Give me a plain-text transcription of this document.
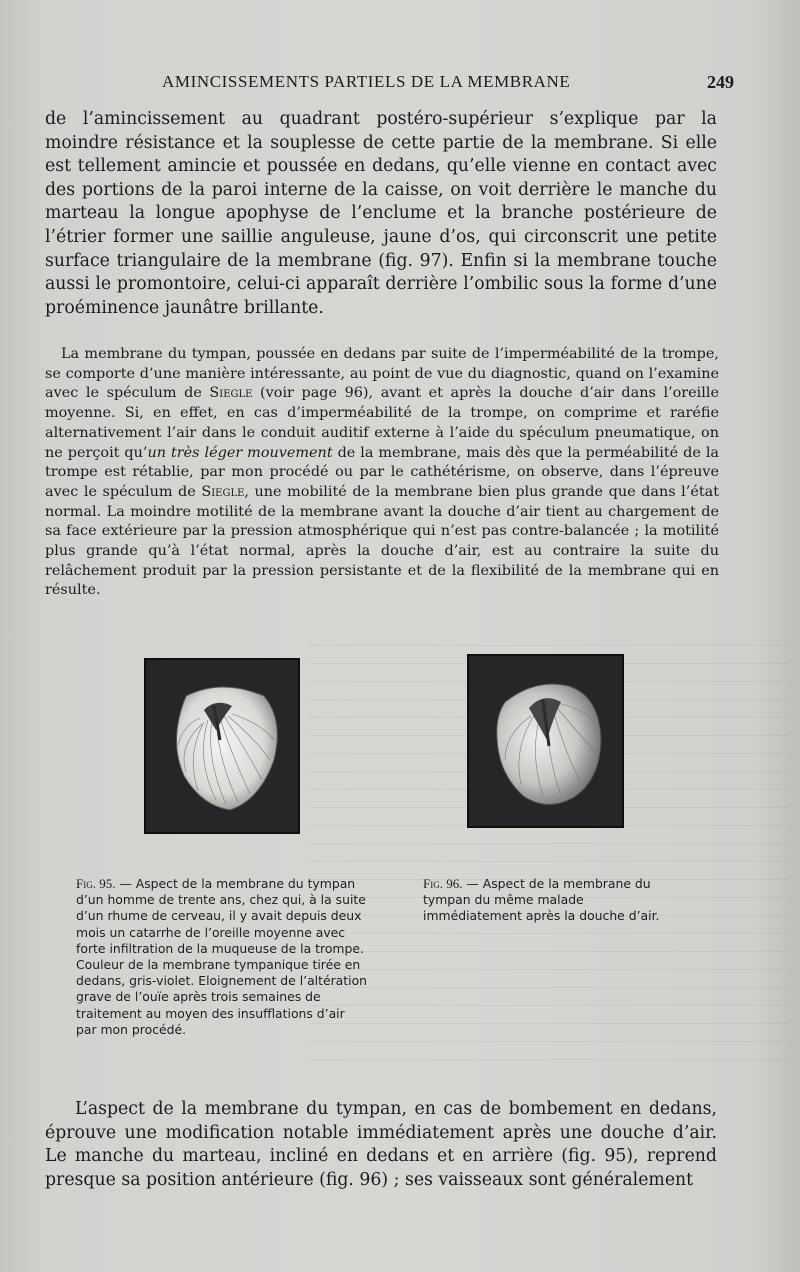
AMINCISSEMENTS PARTIELS DE LA MEMBRANE	249

de l’amincissement au quadrant postéro-supérieur s’explique par la moindre résistance et la souplesse de cette partie de la membrane. Si elle est tellement amincie et poussée en dedans, qu’elle vienne en contact avec des portions de la paroi interne de la caisse, on voit derrière le manche du marteau la longue apophyse de l’enclume et la branche postérieure de l’étrier former une saillie anguleuse, jaune d’os, qui circonscrit une petite surface triangulaire de la membrane (fig. 97). Enfin si la membrane touche aussi le promontoire, celui-ci apparaît derrière l’ombilic sous la forme d’une proéminence jaunâtre brillante.

La membrane du tympan, poussée en dedans par suite de l’imperméabilité de la trompe, se comporte d’une manière intéressante, au point de vue du diagnostic, quand on l’examine avec le spéculum de Siegle (voir page 96), avant et après la douche d’air dans l’oreille moyenne. Si, en effet, en cas d’imperméabilité de la trompe, on comprime et raréfie alternativement l’air dans le conduit auditif externe à l’aide du spéculum pneumatique, on ne perçoit qu’un très léger mouvement de la membrane, mais dès que la perméabilité de la trompe est rétablie, par mon procédé ou par le cathétérisme, on observe, dans l’épreuve avec le spéculum de Siegle, une mobilité de la membrane bien plus grande que dans l’état normal. La moindre motilité de la membrane avant la douche d’air tient au chargement de sa face extérieure par la pression atmosphérique qui n’est pas contre-balancée ; la motilité plus grande qu’à l’état normal, après la douche d’air, est au contraire la suite du relâchement produit par la pression persistante et de la flexibilité de la membrane qui en résulte.

Fig. 95. — Aspect de la membrane du tympan d’un homme de trente ans, chez qui, à la suite d’un rhume de cerveau, il y avait depuis deux mois un catarrhe de l’oreille moyenne avec forte infiltration de la muqueuse de la trompe. Couleur de la membrane tympanique tirée en dedans, gris-violet. Eloignement de l’altération grave de l’ouïe après trois semaines de traitement au moyen des insufflations d’air par mon procédé.

Fig. 96. — Aspect de la membrane du tympan du même malade immédiatement après la douche d’air.

L’aspect de la membrane du tympan, en cas de bombement en dedans, éprouve une modification notable immédiatement après une douche d’air. Le manche du marteau, incliné en dedans et en arrière (fig. 95), reprend presque sa position antérieure (fig. 96) ; ses vaisseaux sont généralement
